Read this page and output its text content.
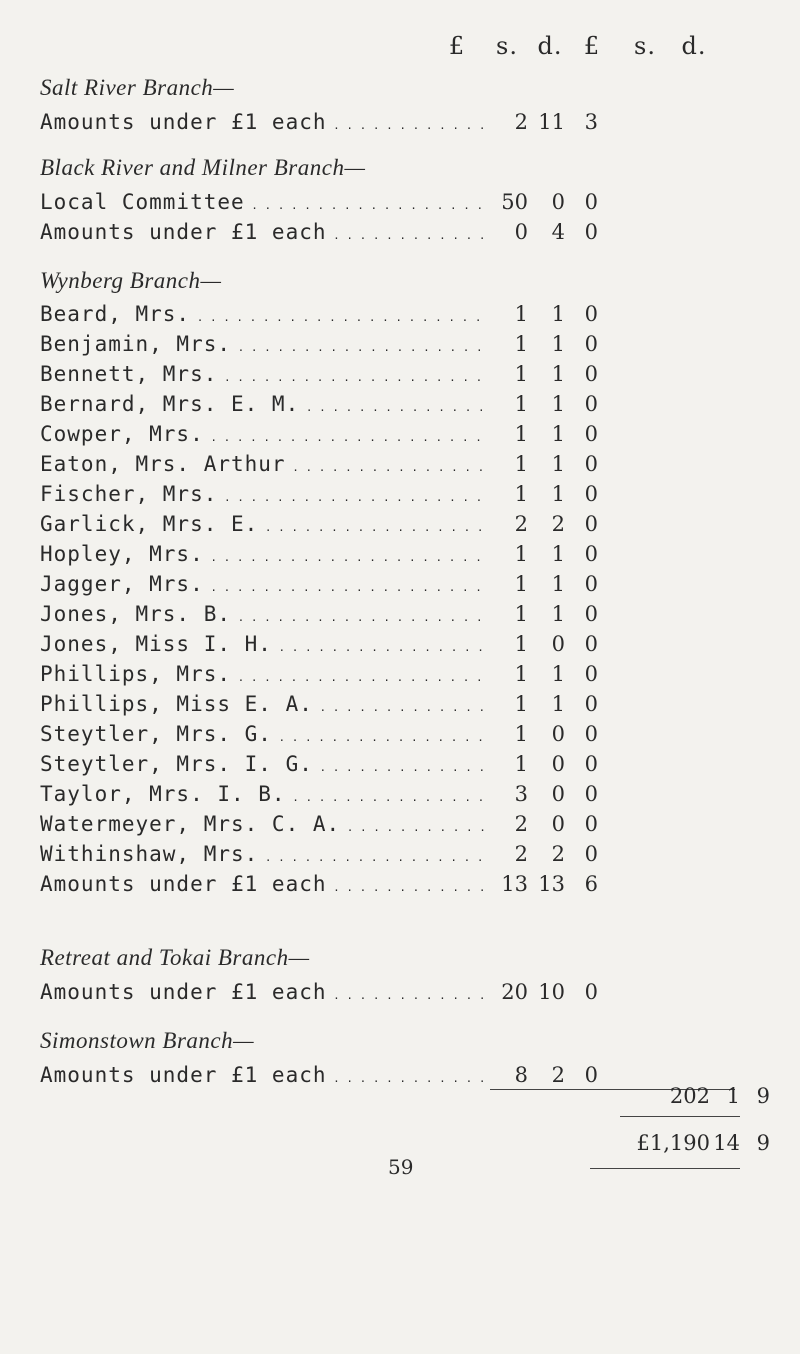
£	s. d. £	s.	d.
Salt River Branch—
Amounts under £1 each . . .	2 11 3
Black River and Milner Branch—
Local Committee . . .	50	0 0
Amounts under £1 each . . .	0	4 0
Wynberg Branch—
Beard, Mrs. . . .	1	1 0
Benjamin, Mrs. . . .	1	1 0
Bennett, Mrs. . . .	1	1 0
Bernard, Mrs. E. M. . . .	1	1 0
Cowper, Mrs. . . .	1	1 0
Eaton, Mrs. Arthur . . .	1	1 0
Fischer, Mrs. . . .	1	1 0
Garlick, Mrs. E. . . .	2	2 0
Hopley, Mrs. . . .	1	1 0
Jagger, Mrs. . . .	1	1 0
Jones, Mrs. B. . . .	1	1 0
Jones, Miss I. H. . . .	1	0 0
Phillips, Mrs. . . .	1	1 0
Phillips, Miss E. A. . . .	1	1 0
Steytler, Mrs. G. . . .	1	0 0
Steytler, Mrs. I. G. . . .	1	0 0
Taylor, Mrs. I. B. . . .	3	0 0
Watermeyer, Mrs. C. A. . . .	2	0 0
Withinshaw, Mrs. . . .	2	2 0
Amounts under £1 each . . .	13 13 6
Retreat and Tokai Branch—
Amounts under £1 each . . .	20 10 0
Simonstown Branch—
Amounts under £1 each . . .	8	2 0
202 1 9
£1,190 14 9
59
